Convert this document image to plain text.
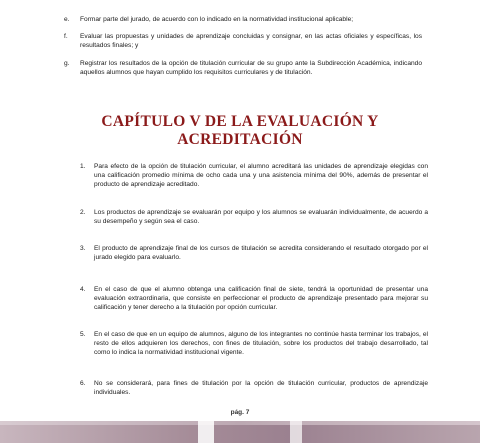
e.	Formar parte del jurado, de acuerdo con lo indicado en la normatividad institucional aplicable;
f.	Evaluar las propuestas y unidades de aprendizaje concluidas y consignar, en las actas oficiales y específicas, los resultados finales; y
g.	Registrar los resultados de la opción de titulación curricular de su grupo ante la Subdirección Académica, indicando aquellos alumnos que hayan cumplido los requisitos curriculares y de titulación.
CAPÍTULO V DE LA EVALUACIÓN Y
ACREDITACIÓN
1.	Para efecto de la opción de titulación curricular, el alumno acreditará las unidades de aprendizaje elegidas con una calificación promedio mínima de ocho cada una y una asistencia mínima del 90%, además de presentar el producto de aprendizaje acreditado.
2.	Los productos de aprendizaje se evaluarán por equipo y los alumnos se evaluarán individualmente, de acuerdo a su desempeño y según sea el caso.
3.	El producto de aprendizaje final de los cursos de titulación se acredita considerando el resultado otorgado por el jurado elegido para evaluarlo.
4.	En el caso de que el alumno obtenga una calificación final de siete, tendrá la oportunidad de presentar una evaluación extraordinaria, que consiste en perfeccionar el producto de aprendizaje presentado para mejorar su calificación y tener derecho a la titulación por opción curricular.
5.	En el caso de que en un equipo de alumnos, alguno de los integrantes no continúe hasta terminar los trabajos, el resto de ellos adquieren los derechos, con fines de titulación, sobre los productos del trabajo desarrollado, tal como lo indica la normatividad institucional vigente.
6.	No se considerará, para fines de titulación por la opción de titulación curricular, productos de aprendizaje individuales.
pág. 7
